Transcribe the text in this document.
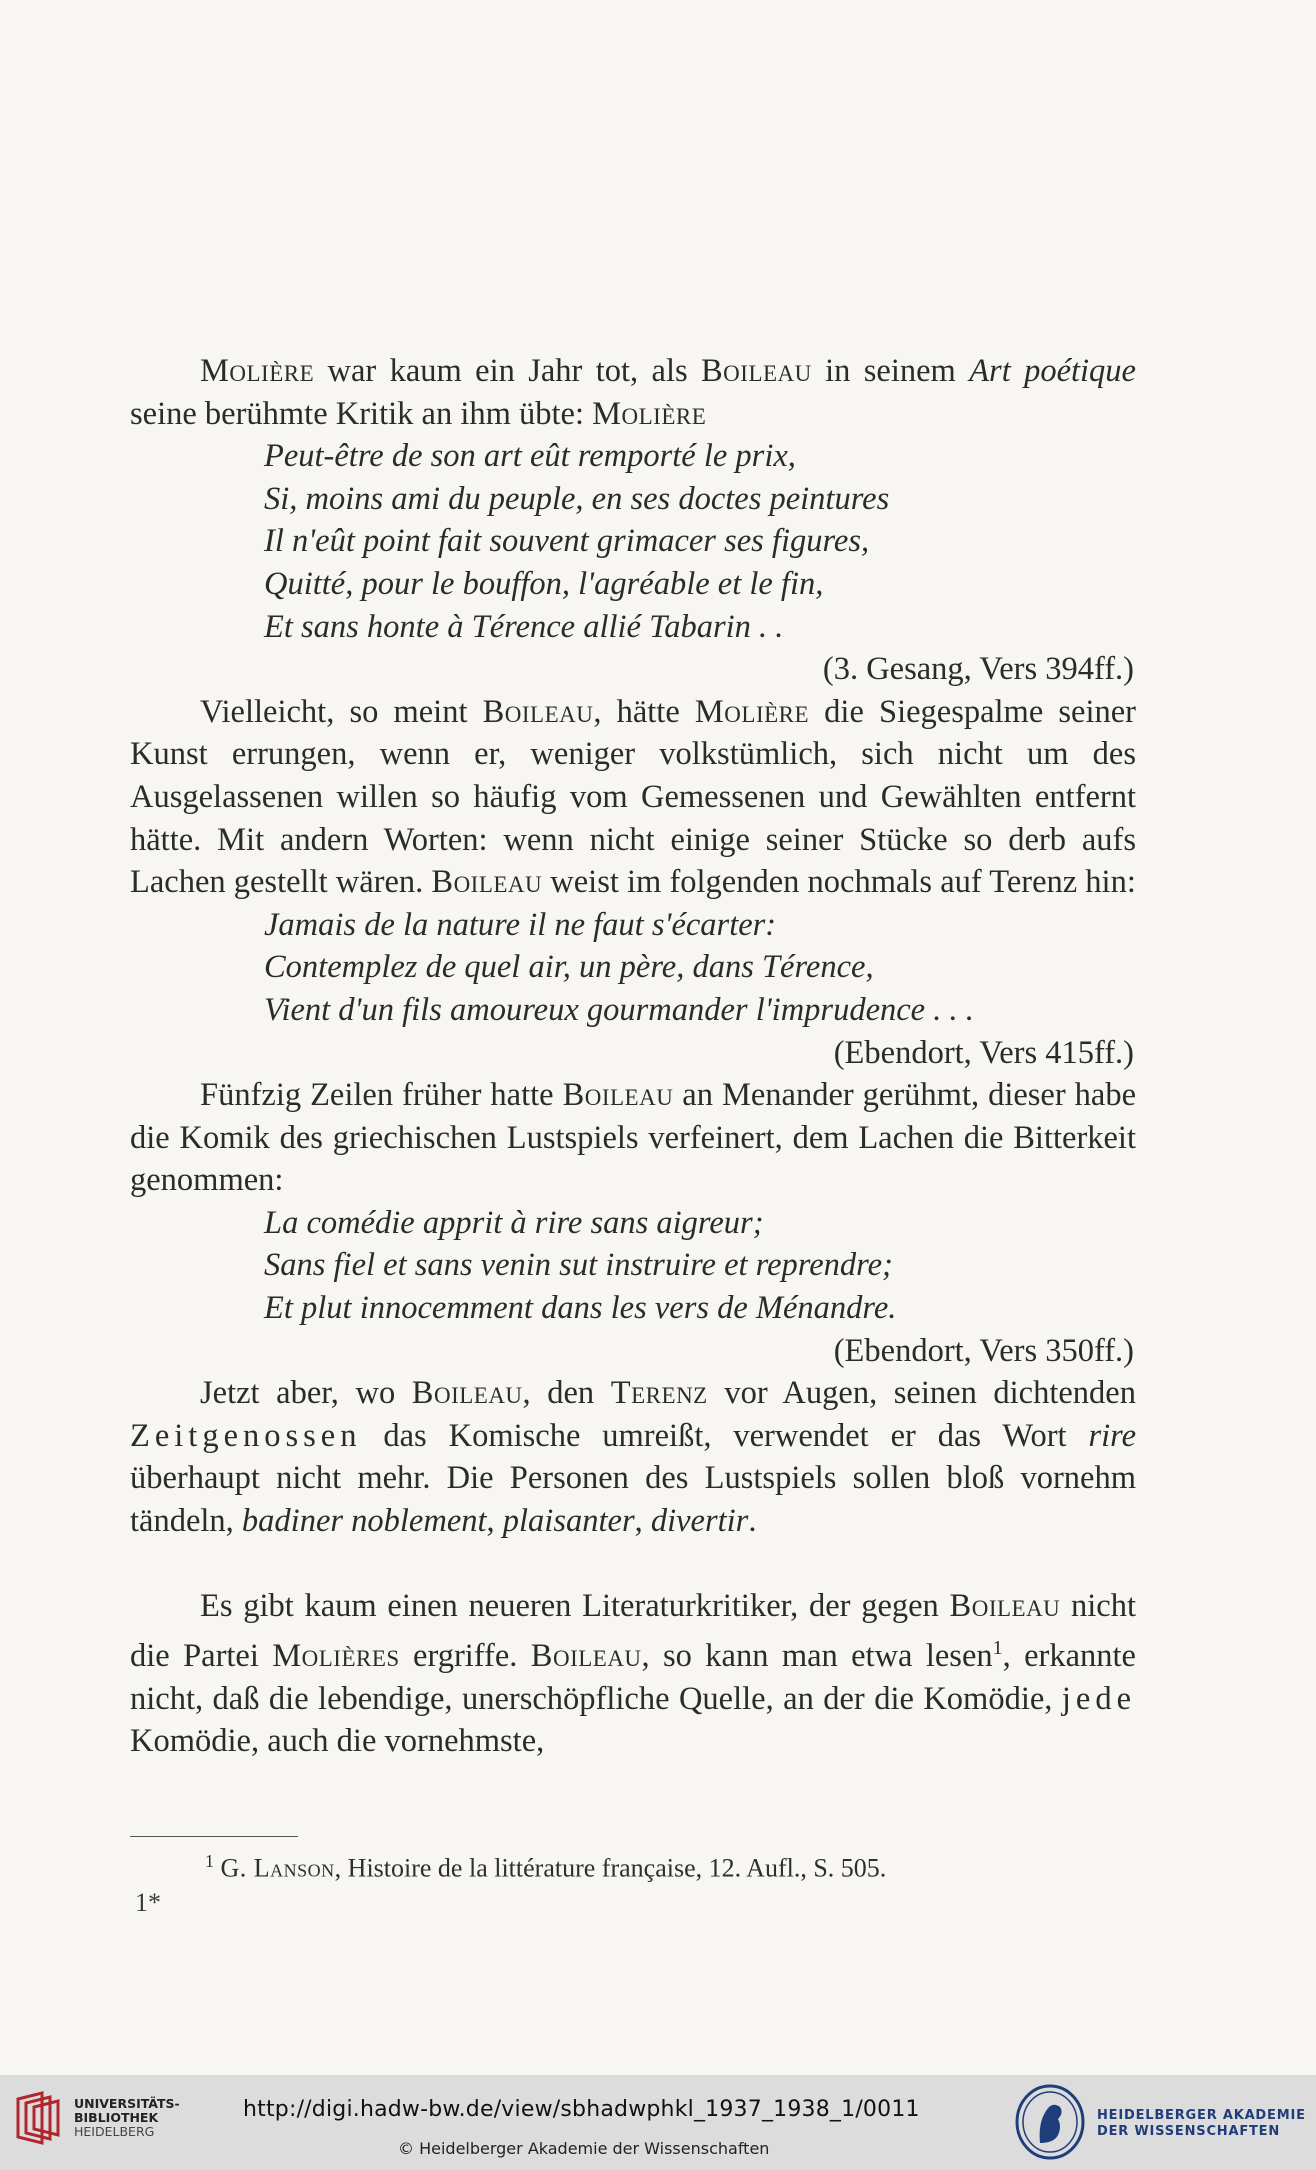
Molière war kaum ein Jahr tot, als Boileau in seinem Art poétique seine berühmte Kritik an ihm übte: Molière

Peut-être de son art eût remporté le prix,

Si, moins ami du peuple, en ses doctes peintures

Il n'eût point fait souvent grimacer ses figures,

Quitté, pour le bouffon, l'agréable et le fin,

Et sans honte à Térence allié Tabarin . .

(3. Gesang, Vers 394ff.)

Vielleicht, so meint Boileau, hätte Molière die Siegespalme seiner Kunst errungen, wenn er, weniger volkstümlich, sich nicht um des Ausgelassenen willen so häufig vom Gemessenen und Gewählten entfernt hätte. Mit andern Worten: wenn nicht einige seiner Stücke so derb aufs Lachen gestellt wären. Boileau weist im folgenden nochmals auf Terenz hin:

Jamais de la nature il ne faut s'écarter:

Contemplez de quel air, un père, dans Térence,

Vient d'un fils amoureux gourmander l'imprudence . . .

(Ebendort, Vers 415ff.)

Fünfzig Zeilen früher hatte Boileau an Menander gerühmt, dieser habe die Komik des griechischen Lustspiels verfeinert, dem Lachen die Bitterkeit genommen:

La comédie apprit à rire sans aigreur;

Sans fiel et sans venin sut instruire et reprendre;

Et plut innocemment dans les vers de Ménandre.

(Ebendort, Vers 350ff.)

Jetzt aber, wo Boileau, den Terenz vor Augen, seinen dichtenden Zeitgenossen das Komische umreißt, verwendet er das Wort rire überhaupt nicht mehr. Die Personen des Lustspiels sollen bloß vornehm tändeln, badiner noblement, plaisanter, divertir.

Es gibt kaum einen neueren Literaturkritiker, der gegen Boileau nicht die Partei Molières ergriffe. Boileau, so kann man etwa lesen$^1$, erkannte nicht, daß die lebendige, unerschöpfliche Quelle, an der die Komödie, jede Komödie, auch die vornehmste,

$^1$ G. Lanson, Histoire de la littérature française, 12. Aufl., S. 505.
1*
UNIVERSITÄTS-
BIBLIOTHEK
HEIDELBERG
http://digi.hadw-bw.de/view/sbhadwphkl_1937_1938_1/0011
© Heidelberger Akademie der Wissenschaften
HEIDELBERGER AKADEMIE
DER WISSENSCHAFTEN
